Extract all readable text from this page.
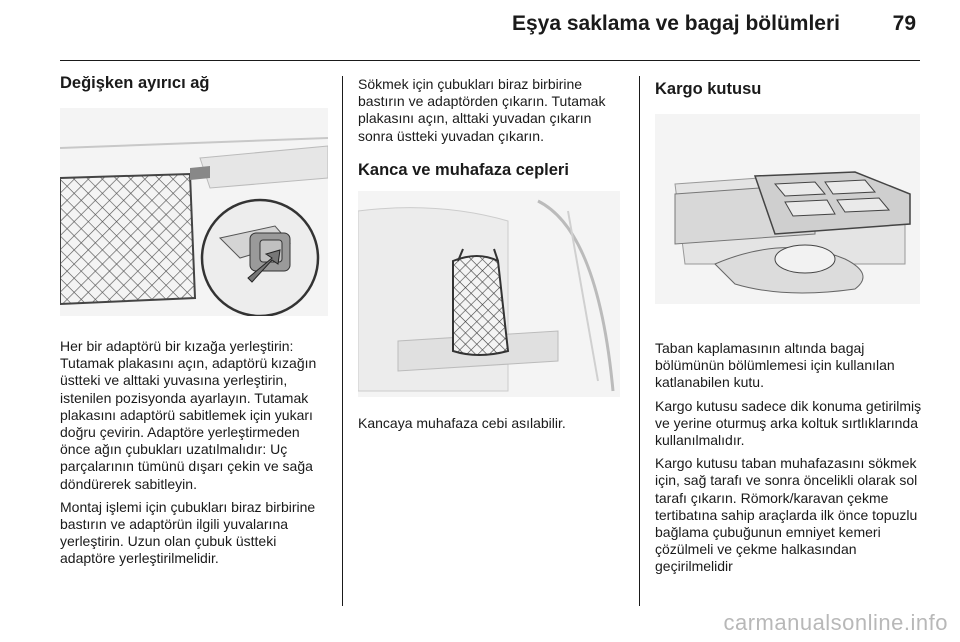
Eşya saklama ve bagaj bölümleri	79
Değişken ayırıcı ağ

Her bir adaptörü bir kızağa yerleştirin: Tutamak plakasını açın, adaptörü kızağın üstteki ve alttaki yuvasına yerleştirin, istenilen pozisyonda ayarlayın. Tutamak plakasını adaptörü sabitlemek için yukarı doğru çevirin. Adaptöre yerleştirmeden önce ağın çubukları uzatılmalıdır: Uç parçalarının tümünü dışarı çekin ve sağa döndürerek sabitleyin.

Montaj işlemi için çubukları biraz birbirine bastırın ve adaptörün ilgili yuvalarına yerleştirin. Uzun olan çubuk üstteki adaptöre yerleştirilmelidir.

Sökmek için çubukları biraz birbirine bastırın ve adaptörden çıkarın. Tutamak plakasını açın, alttaki yuvadan çıkarın sonra üstteki yuvadan çıkarın.

Kanca ve muhafaza cepleri

Kancaya muhafaza cebi asılabilir.

Kargo kutusu

Taban kaplamasının altında bagaj bölümünün bölümlemesi için kullanılan katlanabilen kutu.

Kargo kutusu sadece dik konuma getirilmiş ve yerine oturmuş arka koltuk sırtlıklarında kullanılmalıdır.

Kargo kutusu taban muhafazasını sökmek için, sağ tarafı ve sonra öncelikli olarak sol tarafı çıkarın. Römork/karavan çekme tertibatına sahip araçlarda ilk önce topuzlu bağlama çubuğunun emniyet kemeri çözülmeli ve çekme halkasından geçirilmelidir

carmanualsonline.info
